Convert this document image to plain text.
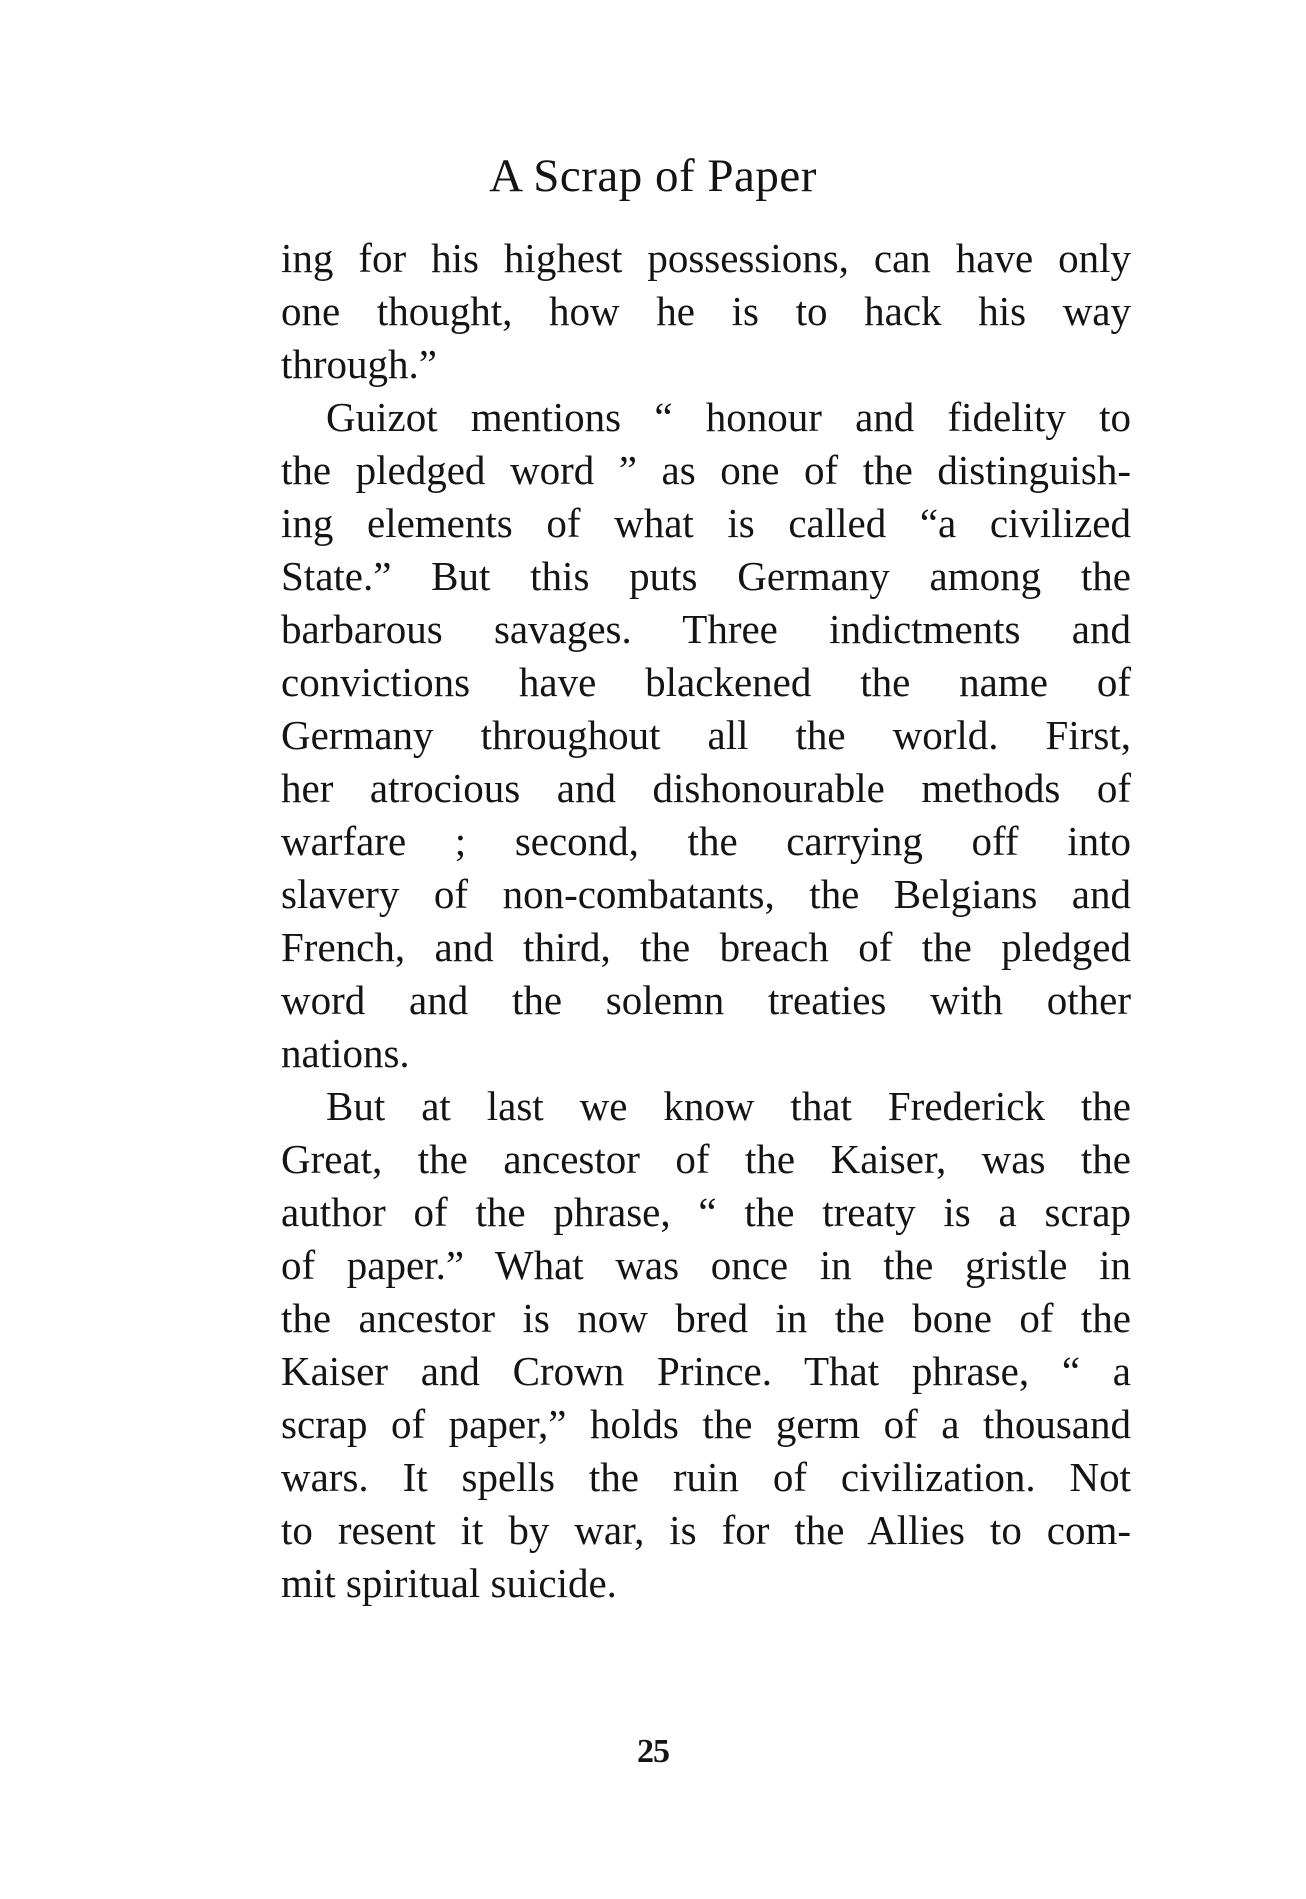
A Scrap of Paper
ing for his highest possessions, can have only
one thought, how he is to hack his way
through.”
Guizot mentions “ honour and fidelity to
the pledged word ” as one of the distinguish-
ing elements of what is called “a civilized
State.” But this puts Germany among the
barbarous savages. Three indictments and
convictions have blackened the name of
Germany throughout all the world. First,
her atrocious and dishonourable methods of
warfare ; second, the carrying off into
slavery of non-combatants, the Belgians and
French, and third, the breach of the pledged
word and the solemn treaties with other
nations.
But at last we know that Frederick the
Great, the ancestor of the Kaiser, was the
author of the phrase, “ the treaty is a scrap
of paper.” What was once in the gristle in
the ancestor is now bred in the bone of the
Kaiser and Crown Prince. That phrase, “ a
scrap of paper,” holds the germ of a thousand
wars. It spells the ruin of civilization. Not
to resent it by war, is for the Allies to com-
mit spiritual suicide.
25
